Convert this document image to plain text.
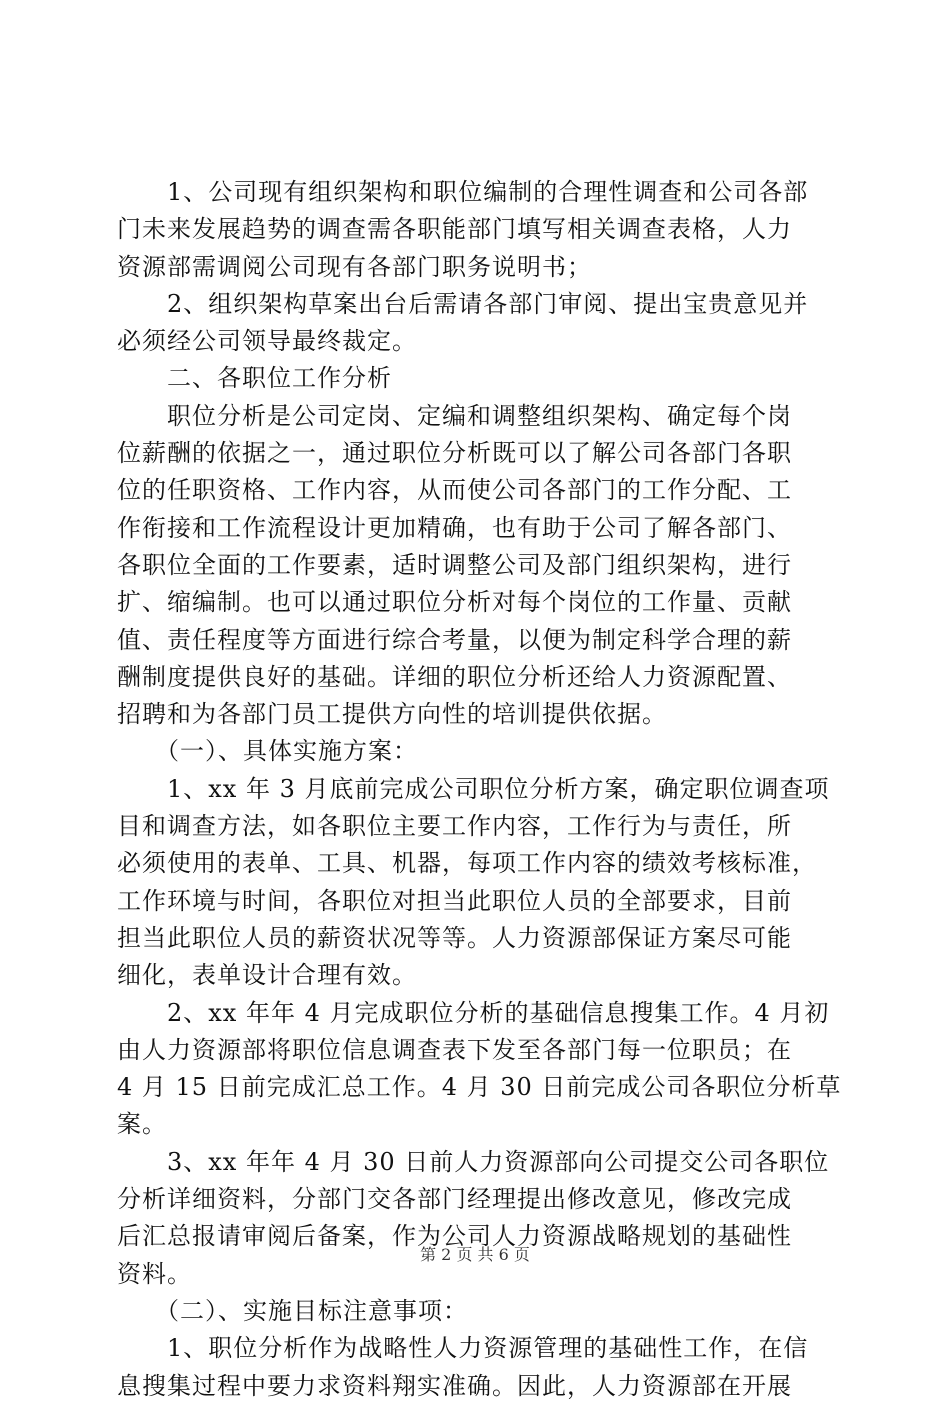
　　1、公司现有组织架构和职位编制的合理性调查和公司各部
门未来发展趋势的调查需各职能部门填写相关调查表格，人力
资源部需调阅公司现有各部门职务说明书；
　　2、组织架构草案出台后需请各部门审阅、提出宝贵意见并
必须经公司领导最终裁定。
　　二、各职位工作分析
　　职位分析是公司定岗、定编和调整组织架构、确定每个岗
位薪酬的依据之一，通过职位分析既可以了解公司各部门各职
位的任职资格、工作内容，从而使公司各部门的工作分配、工
作衔接和工作流程设计更加精确，也有助于公司了解各部门、
各职位全面的工作要素，适时调整公司及部门组织架构，进行
扩、缩编制。也可以通过职位分析对每个岗位的工作量、贡献
值、责任程度等方面进行综合考量，以便为制定科学合理的薪
酬制度提供良好的基础。详细的职位分析还给人力资源配置、
招聘和为各部门员工提供方向性的培训提供依据。
　　（一）、具体实施方案：
　　1、xx 年 3 月底前完成公司职位分析方案，确定职位调查项
目和调查方法，如各职位主要工作内容，工作行为与责任，所
必须使用的表单、工具、机器，每项工作内容的绩效考核标准，
工作环境与时间，各职位对担当此职位人员的全部要求，目前
担当此职位人员的薪资状况等等。人力资源部保证方案尽可能
细化，表单设计合理有效。
　　2、xx 年年 4 月完成职位分析的基础信息搜集工作。4 月初
由人力资源部将职位信息调查表下发至各部门每一位职员；在
4 月 15 日前完成汇总工作。4 月 30 日前完成公司各职位分析草
案。
　　3、xx 年年 4 月 30 日前人力资源部向公司提交公司各职位
分析详细资料，分部门交各部门经理提出修改意见，修改完成
后汇总报请审阅后备案，作为公司人力资源战略规划的基础性
资料。
　　（二）、实施目标注意事项：
　　1、职位分析作为战略性人力资源管理的基础性工作，在信
息搜集过程中要力求资料翔实准确。因此，人力资源部在开展
第 2 页 共 6 页
